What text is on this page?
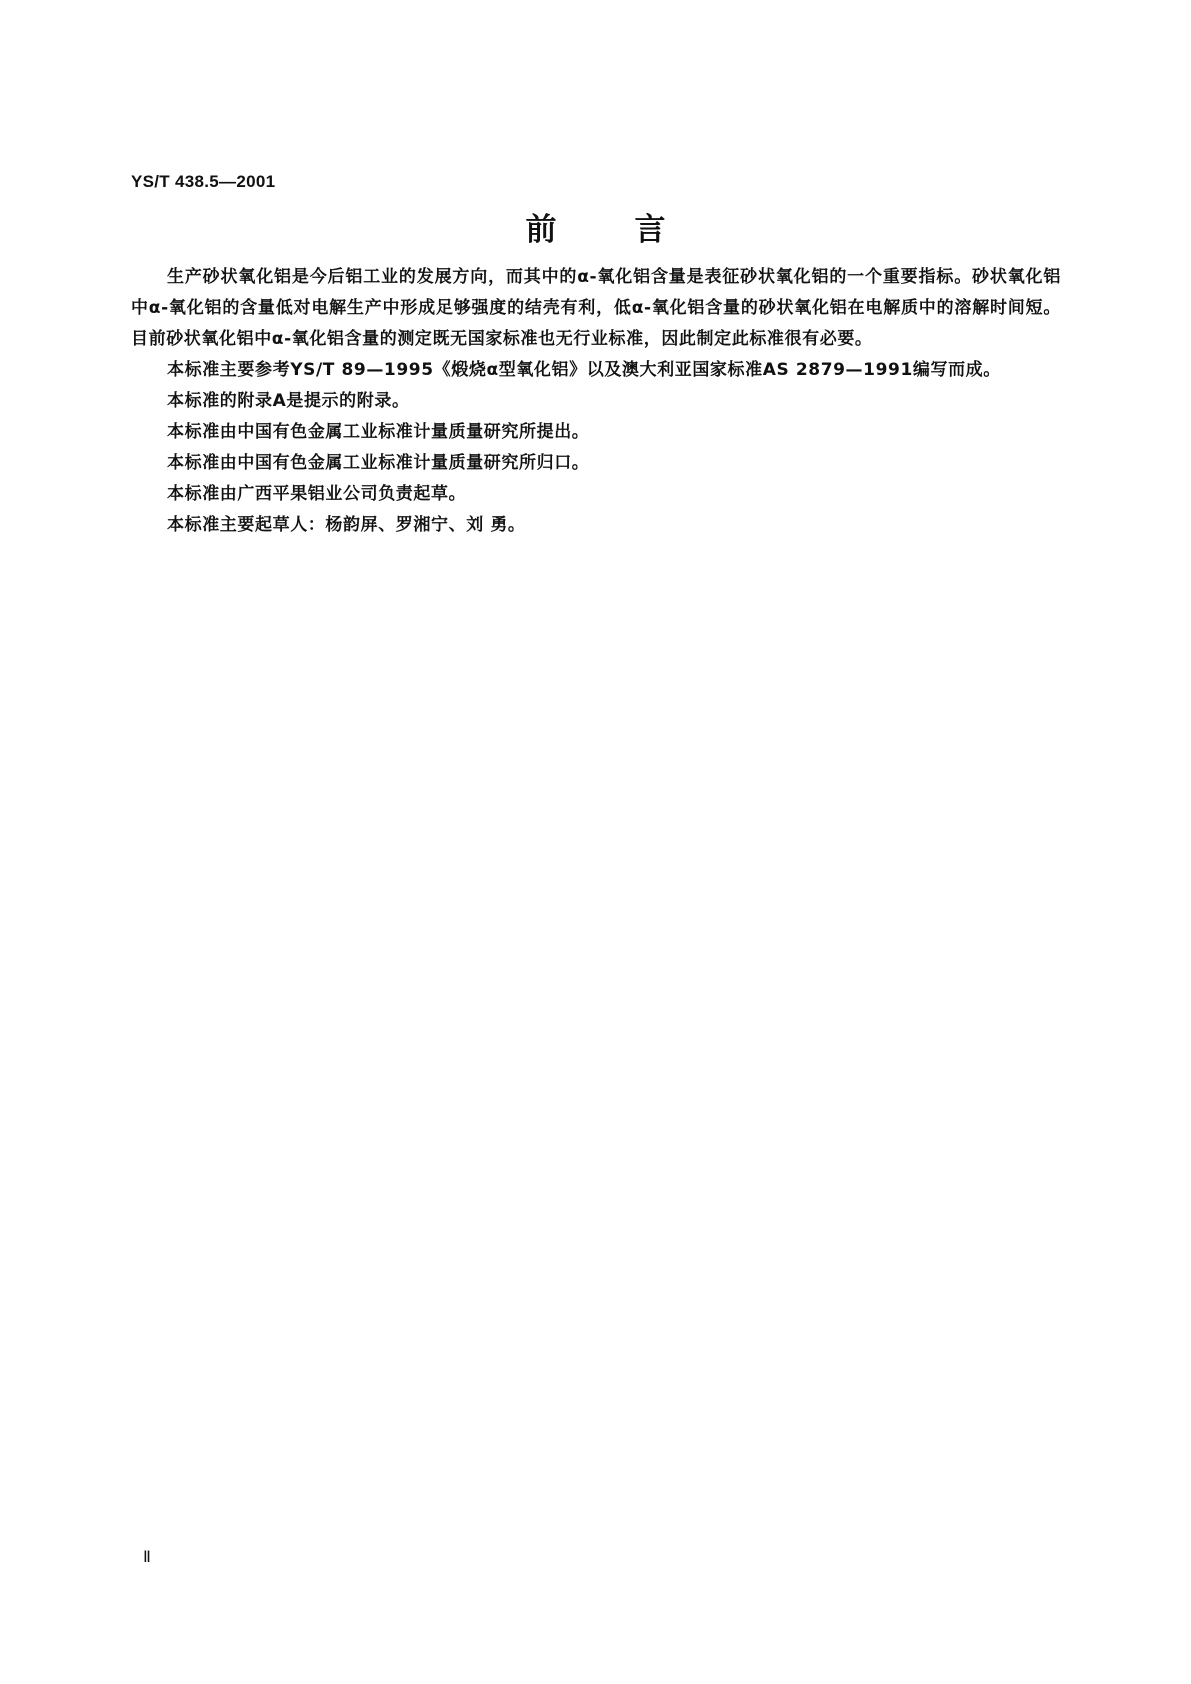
YS/T 438.5—2001
前言

生产砂状氧化铝是今后铝工业的发展方向，而其中的α-氧化铝含量是表征砂状氧化铝的一个重要指标。砂状氧化铝中α-氧化铝的含量低对电解生产中形成足够强度的结壳有利，低α-氧化铝含量的砂状氧化铝在电解质中的溶解时间短。目前砂状氧化铝中α-氧化铝含量的测定既无国家标准也无行业标准，因此制定此标准很有必要。

本标准主要参考YS/T 89—1995《煅烧α型氧化铝》以及澳大利亚国家标准AS 2879—1991编写而成。

本标准的附录A是提示的附录。

本标准由中国有色金属工业标准计量质量研究所提出。

本标准由中国有色金属工业标准计量质量研究所归口。

本标准由广西平果铝业公司负责起草。

本标准主要起草人：杨韵屏、罗湘宁、刘 勇。

Ⅱ
